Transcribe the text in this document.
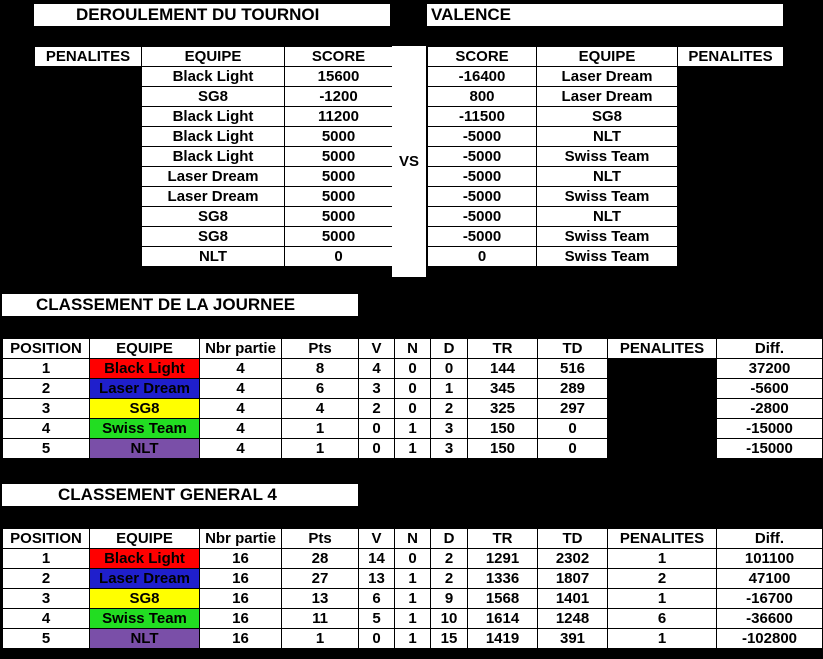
DEROULEMENT DU TOURNOI	VALENCE
PENALITES	EQUIPE	SCORE
	Black Light	15600
	SG8	-1200
	Black Light	11200
	Black Light	5000
	Black Light	5000
	Laser Dream	5000
	Laser Dream	5000
	SG8	5000
	SG8	5000
	NLT	0
VS
SCORE	EQUIPE	PENALITES
-16400	Laser Dream	
800	Laser Dream	
-11500	SG8	
-5000	NLT	
-5000	Swiss Team	
-5000	NLT	
-5000	Swiss Team	
-5000	NLT	
-5000	Swiss Team	
0	Swiss Team	
CLASSEMENT DE LA JOURNEE
POSITION	EQUIPE	Nbr partie	Pts	V	N	D	TR	TD	PENALITES	Diff.
1	Black Light	4	8	4	0	0	144	516		37200
2	Laser Dream	4	6	3	0	1	345	289		-5600
3	SG8	4	4	2	0	2	325	297		-2800
4	Swiss Team	4	1	0	1	3	150	0		-15000
5	NLT	4	1	0	1	3	150	0		-15000
CLASSEMENT GENERAL 4
POSITION	EQUIPE	Nbr partie	Pts	V	N	D	TR	TD	PENALITES	Diff.
1	Black Light	16	28	14	0	2	1291	2302	1	101100
2	Laser Dream	16	27	13	1	2	1336	1807	2	47100
3	SG8	16	13	6	1	9	1568	1401	1	-16700
4	Swiss Team	16	11	5	1	10	1614	1248	6	-36600
5	NLT	16	1	0	1	15	1419	391	1	-102800
